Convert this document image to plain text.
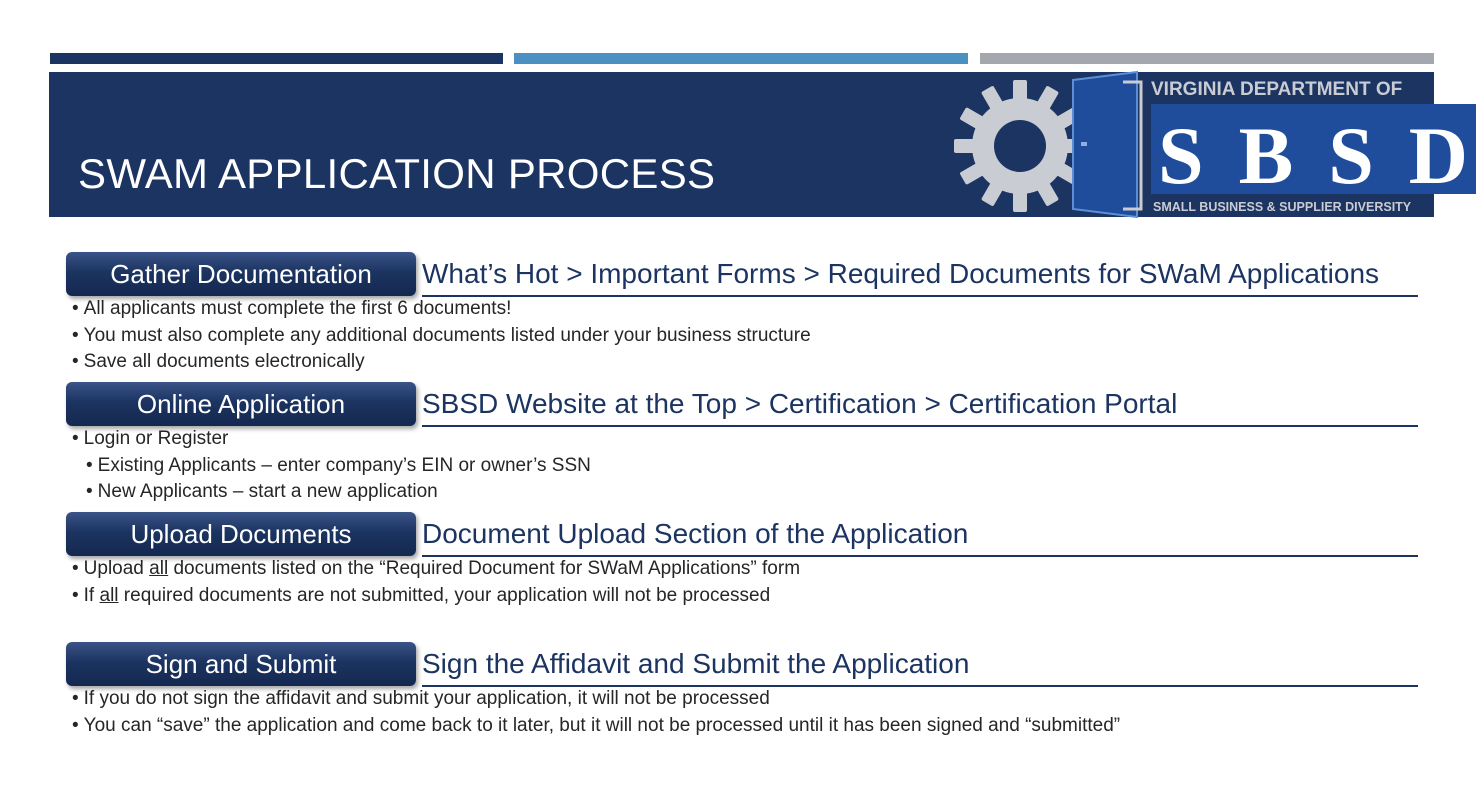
SWAM APPLICATION PROCESS
VIRGINIA DEPARTMENT OF
SBSD
SMALL BUSINESS & SUPPLIER DIVERSITY
Gather Documentation	What’s Hot > Important Forms > Required Documents for SWaM Applications
• All applicants must complete the first 6 documents!
• You must also complete any additional documents listed under your business structure
• Save all documents electronically
Online Application	SBSD Website at the Top > Certification > Certification Portal
• Login or Register
• Existing Applicants – enter company’s EIN or owner’s SSN
• New Applicants – start a new application
Upload Documents	Document Upload Section of the Application
• Upload all documents listed on the “Required Document for SWaM Applications” form
• If all required documents are not submitted, your application will not be processed
Sign and Submit	Sign the Affidavit and Submit the Application
• If you do not sign the affidavit and submit your application, it will not be processed
• You can “save” the application and come back to it later, but it will not be processed until it has been signed and “submitted”
